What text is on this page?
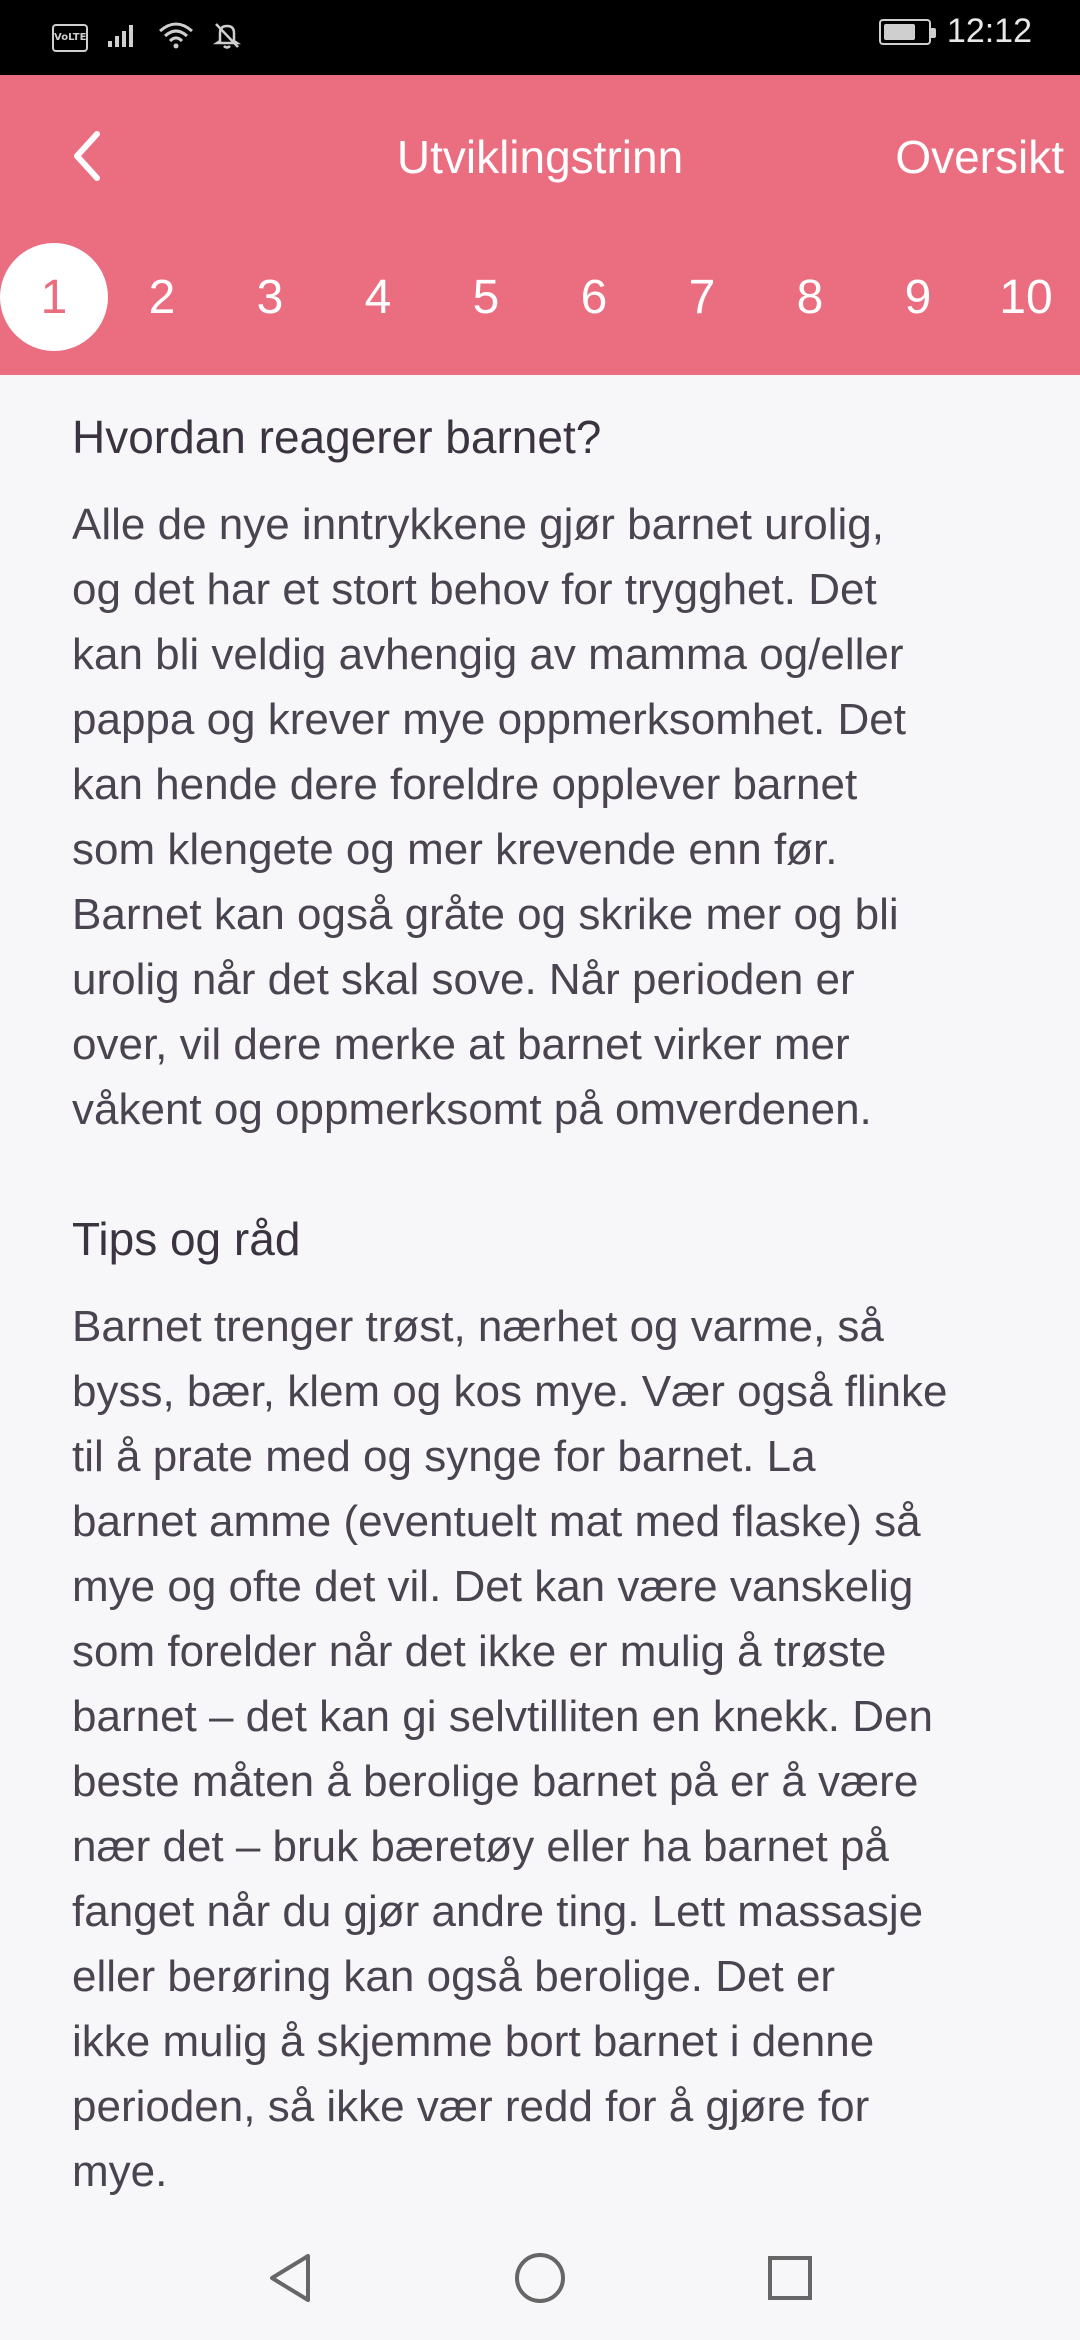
VoLTE	12:12
Utviklingstrinn	Oversikt
1	2	3	4	5	6	7	8	9	10
Hvordan reagerer barnet?
Alle de nye inntrykkene gjør barnet urolig,
og det har et stort behov for trygghet. Det
kan bli veldig avhengig av mamma og/eller
pappa og krever mye oppmerksomhet. Det
kan hende dere foreldre opplever barnet
som klengete og mer krevende enn før.
Barnet kan også gråte og skrike mer og bli
urolig når det skal sove. Når perioden er
over, vil dere merke at barnet virker mer
våkent og oppmerksomt på omverdenen.
Tips og råd
Barnet trenger trøst, nærhet og varme, så
byss, bær, klem og kos mye. Vær også flinke
til å prate med og synge for barnet. La
barnet amme (eventuelt mat med flaske) så
mye og ofte det vil. Det kan være vanskelig
som forelder når det ikke er mulig å trøste
barnet – det kan gi selvtilliten en knekk. Den
beste måten å berolige barnet på er å være
nær det – bruk bæretøy eller ha barnet på
fanget når du gjør andre ting. Lett massasje
eller berøring kan også berolige. Det er
ikke mulig å skjemme bort barnet i denne
perioden, så ikke vær redd for å gjøre for
mye.
